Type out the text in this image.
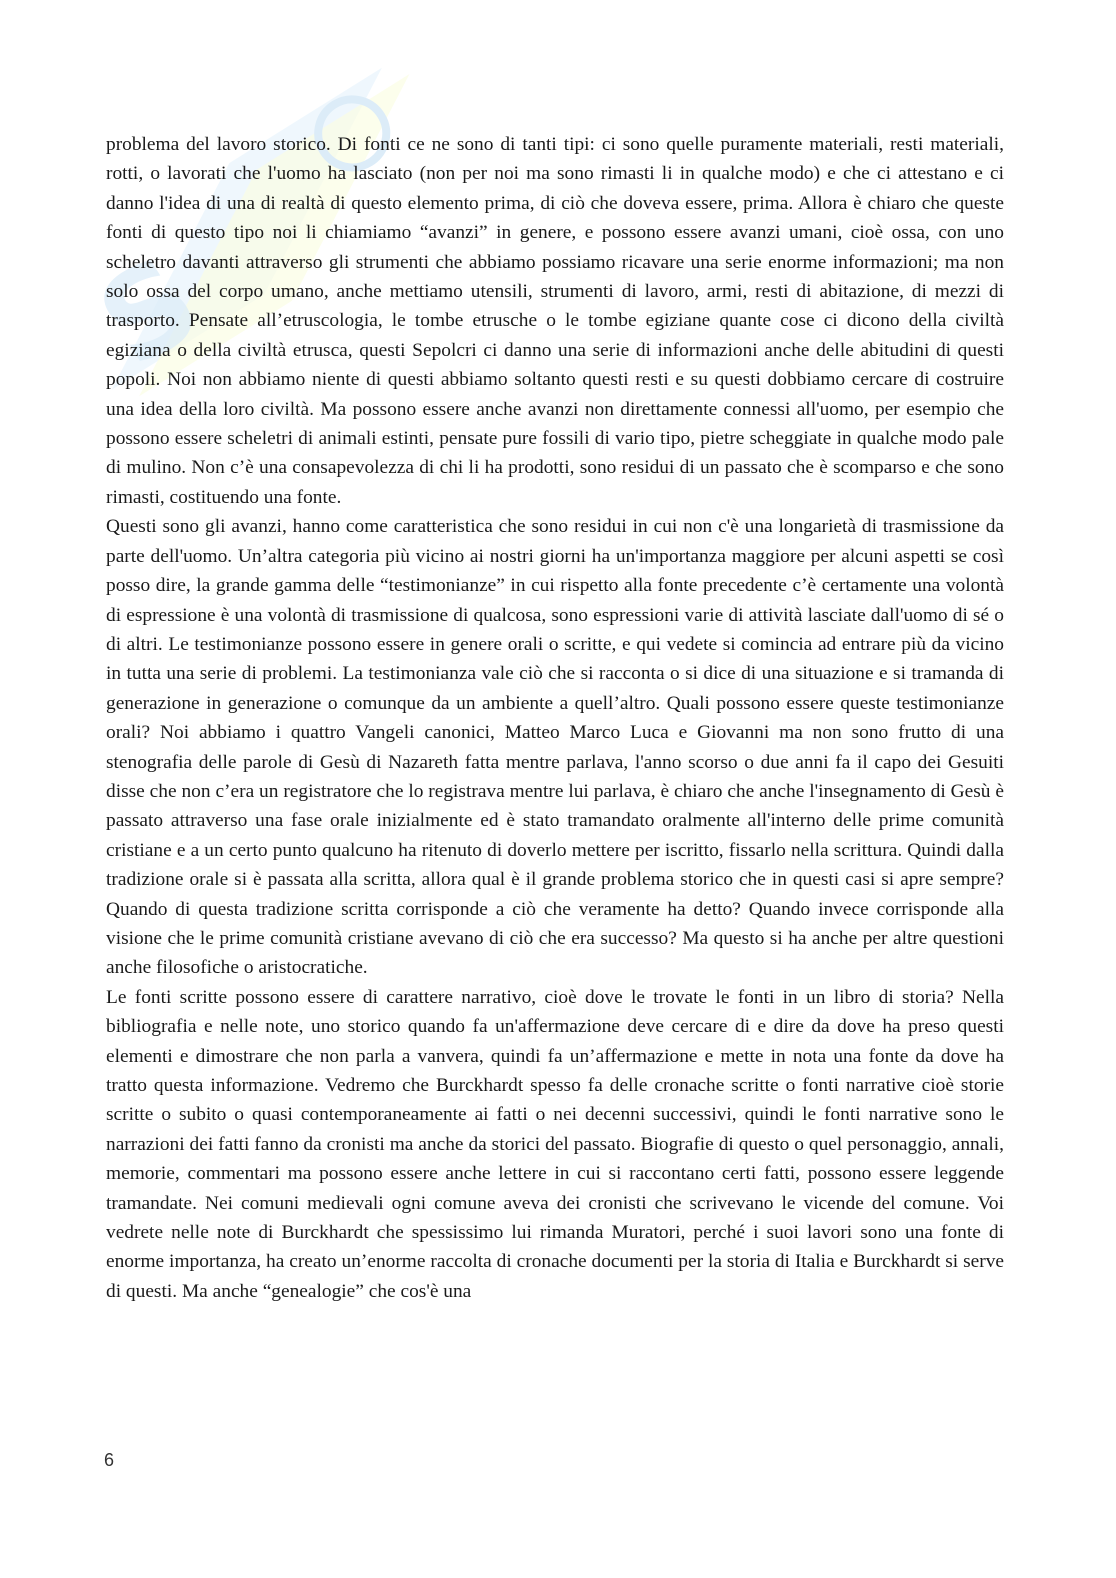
S

problema del lavoro storico. Di fonti ce ne sono di tanti tipi: ci sono quelle puramente materiali, resti materiali, rotti, o lavorati che l'uomo ha lasciato (non per noi ma sono rimasti li in qualche modo) e che ci attestano e ci danno l'idea di una di realtà di questo elemento prima, di ciò che doveva essere, prima. Allora è chiaro che queste fonti di questo tipo noi li chiamiamo “avanzi” in genere, e possono essere avanzi umani, cioè ossa, con uno scheletro davanti attraverso gli strumenti che abbiamo possiamo ricavare una serie enorme informazioni; ma non solo ossa del corpo umano, anche mettiamo utensili, strumenti di lavoro, armi, resti di abitazione, di mezzi di trasporto. Pensate all’etruscologia, le tombe etrusche o le tombe egiziane quante cose ci dicono della civiltà egiziana o della civiltà etrusca, questi Sepolcri ci danno una serie di informazioni anche delle abitudini di questi popoli. Noi non abbiamo niente di questi abbiamo soltanto questi resti e su questi dobbiamo cercare di costruire una idea della loro civiltà. Ma possono essere anche avanzi non direttamente connessi all'uomo, per esempio che possono essere scheletri di animali estinti, pensate pure fossili di vario tipo, pietre scheggiate in qualche modo pale di mulino. Non c’è una consapevolezza di chi li ha prodotti, sono residui di un passato che è scomparso e che sono rimasti, costituendo una fonte.

Questi sono gli avanzi, hanno come caratteristica che sono residui in cui non c'è una longarietà di trasmissione da parte dell'uomo. Un’altra categoria più vicino ai nostri giorni ha un'importanza maggiore per alcuni aspetti se così posso dire, la grande gamma delle “testimonianze” in cui rispetto alla fonte precedente c’è certamente una volontà di espressione è una volontà di trasmissione di qualcosa, sono espressioni varie di attività lasciate dall'uomo di sé o di altri. Le testimonianze possono essere in genere orali o scritte, e qui vedete si comincia ad entrare più da vicino in tutta una serie di problemi. La testimonianza vale ciò che si racconta o si dice di una situazione e si tramanda di generazione in generazione o comunque da un ambiente a quell’altro. Quali possono essere queste testimonianze orali? Noi abbiamo i quattro Vangeli canonici, Matteo Marco Luca e Giovanni ma non sono frutto di una stenografia delle parole di Gesù di Nazareth fatta mentre parlava, l'anno scorso o due anni fa il capo dei Gesuiti disse che non c’era un registratore che lo registrava mentre lui parlava, è chiaro che anche l'insegnamento di Gesù è passato attraverso una fase orale inizialmente ed è stato tramandato oralmente all'interno delle prime comunità cristiane e a un certo punto qualcuno ha ritenuto di doverlo mettere per iscritto, fissarlo nella scrittura. Quindi dalla tradizione orale si è passata alla scritta, allora qual è il grande problema storico che in questi casi si apre sempre? Quando di questa tradizione scritta corrisponde a ciò che veramente ha detto? Quando invece corrisponde alla visione che le prime comunità cristiane avevano di ciò che era successo? Ma questo si ha anche per altre questioni anche filosofiche o aristocratiche.

Le fonti scritte possono essere di carattere narrativo, cioè dove le trovate le fonti in un libro di storia? Nella bibliografia e nelle note, uno storico quando fa un'affermazione deve cercare di e dire da dove ha preso questi elementi e dimostrare che non parla a vanvera, quindi fa un’affermazione e mette in nota una fonte da dove ha tratto questa informazione. Vedremo che Burckhardt spesso fa delle cronache scritte o fonti narrative cioè storie scritte o subito o quasi contemporaneamente ai fatti o nei decenni successivi, quindi le fonti narrative sono le narrazioni dei fatti fanno da cronisti ma anche da storici del passato. Biografie di questo o quel personaggio, annali, memorie, commentari ma possono essere anche lettere in cui si raccontano certi fatti, possono essere leggende tramandate. Nei comuni medievali ogni comune aveva dei cronisti che scrivevano le vicende del comune. Voi vedrete nelle note di Burckhardt che spessissimo lui rimanda Muratori, perché i suoi lavori sono una fonte di enorme importanza, ha creato un’enorme raccolta di cronache documenti per la storia di Italia e Burckhardt si serve di questi. Ma anche “genealogie” che cos'è una

6
